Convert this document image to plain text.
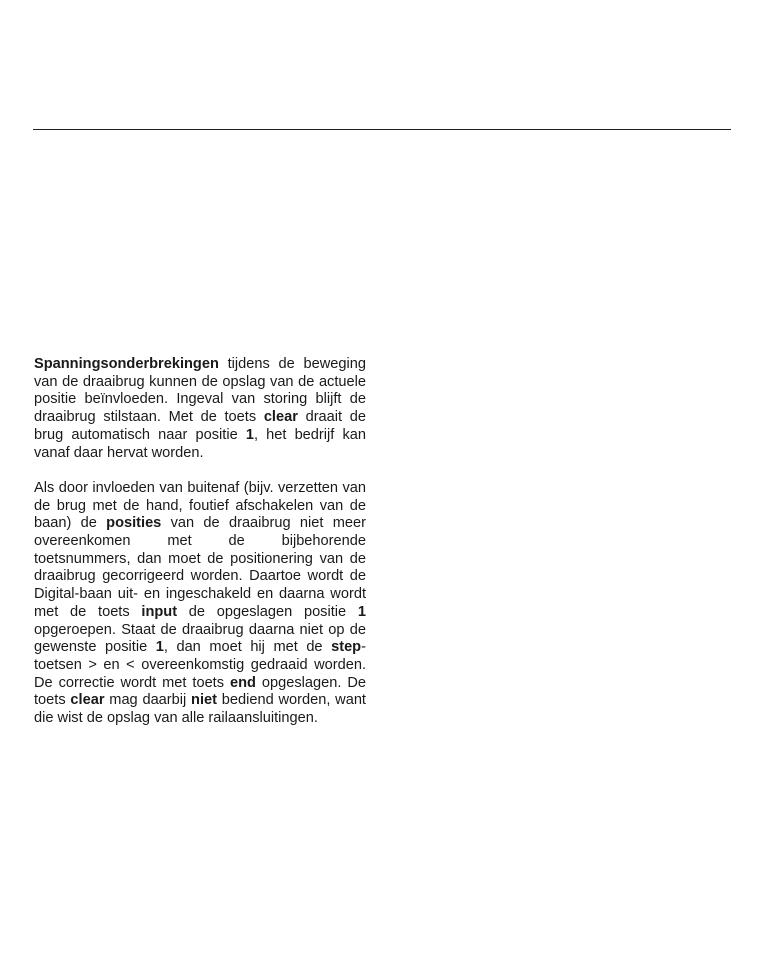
Spanningsonderbrekingen tijdens de beweging van de draaibrug kunnen de opslag van de actuele positie beïnvloeden. Ingeval van storing blijft de draaibrug stilstaan. Met de toets clear draait de brug automatisch naar positie 1, het bedrijf kan vanaf daar hervat worden.

Als door invloeden van buitenaf (bijv. verzetten van de brug met de hand, foutief afschakelen van de baan) de posities van de draaibrug niet meer overeenkomen met de bijbehorende toetsnummers, dan moet de positionering van de draaibrug gecorrigeerd worden. Daartoe wordt de Digital-baan uit- en ingeschakeld en daarna wordt met de toets input de opgeslagen positie 1 opgeroepen. Staat de draaibrug daarna niet op de gewenste positie 1, dan moet hij met de step-toetsen > en < overeenkomstig gedraaid worden. De correctie wordt met toets end opgeslagen. De toets clear mag daarbij niet bediend worden, want die wist de opslag van alle railaansluitingen.
